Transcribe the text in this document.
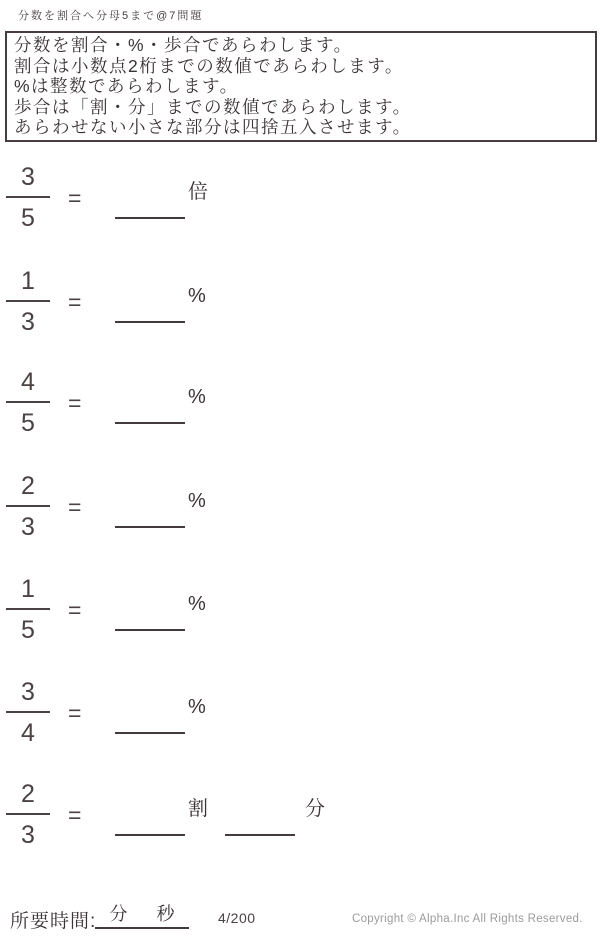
分数を割合へ分母5まで@7問題
分数を割合・%・歩合であらわします。
割合は小数点2桁までの数値であらわします。
%は整数であらわします。
歩合は「割・分」までの数値であらわします。
あらわせない小さな部分は四捨五入させます。
$\frac{3}{5}$ =	倍
$\frac{1}{3}$ =	%
$\frac{4}{5}$ =	%
$\frac{2}{3}$ =	%
$\frac{1}{5}$ =	%
$\frac{3}{4}$ =	%
$\frac{2}{3}$ =	割	分
所要時間: 分 秒	4/200	Copyright © Alpha.Inc All Rights Reserved.
